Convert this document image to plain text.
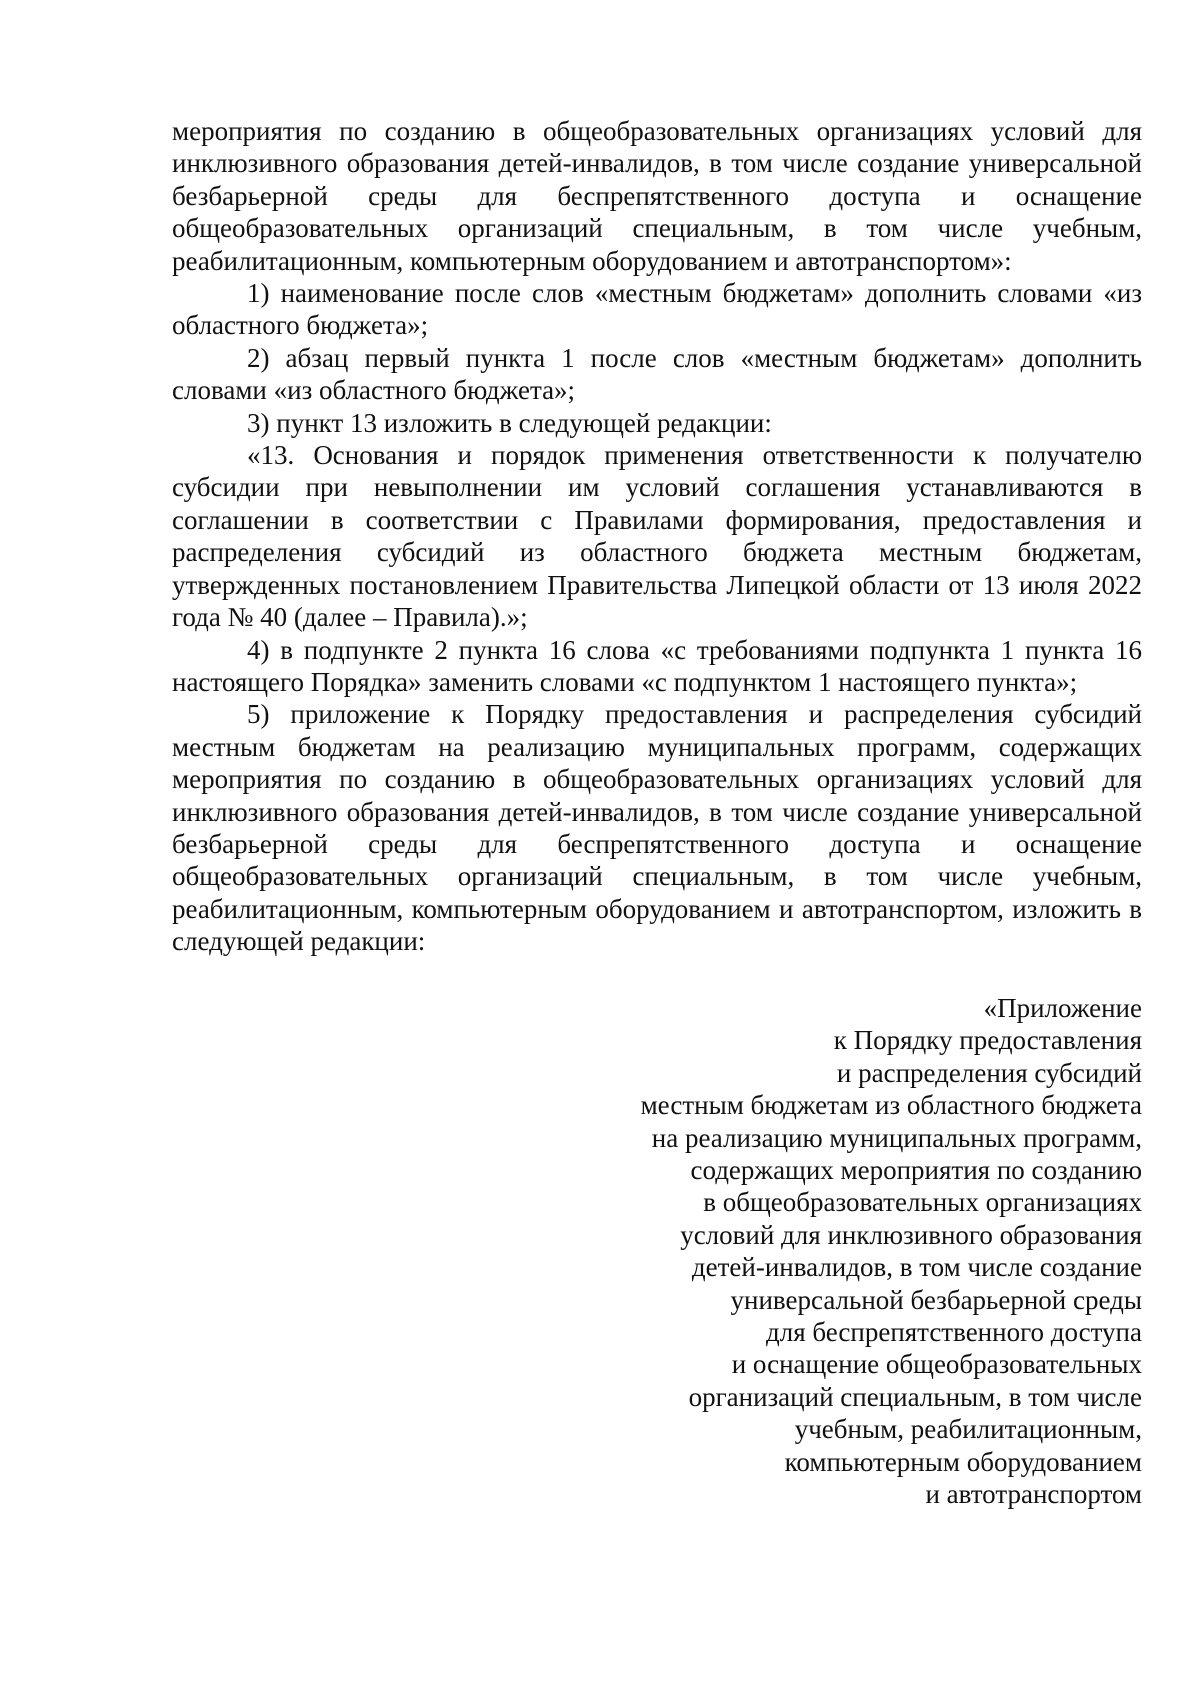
мероприятия по созданию в общеобразовательных организациях условий для инклюзивного образования детей-инвалидов, в том числе создание универсальной безбарьерной среды для беспрепятственного доступа и оснащение общеобразовательных организаций специальным, в том числе учебным, реабилитационным, компьютерным оборудованием и автотранспортом»:

1) наименование после слов «местным бюджетам» дополнить словами «из областного бюджета»;

2) абзац первый пункта 1 после слов «местным бюджетам» дополнить словами «из областного бюджета»;

3) пункт 13 изложить в следующей редакции:

«13. Основания и порядок применения ответственности к получателю субсидии при невыполнении им условий соглашения устанавливаются в соглашении в соответствии с Правилами формирования, предоставления и распределения субсидий из областного бюджета местным бюджетам, утвержденных постановлением Правительства Липецкой области от 13 июля 2022 года № 40 (далее – Правила).»;

4) в подпункте 2 пункта 16 слова «с требованиями подпункта 1 пункта 16 настоящего Порядка» заменить словами «с подпунктом 1 настоящего пункта»;

5) приложение к Порядку предоставления и распределения субсидий местным бюджетам на реализацию муниципальных программ, содержащих мероприятия по созданию в общеобразовательных организациях условий для инклюзивного образования детей-инвалидов, в том числе создание универсальной безбарьерной среды для беспрепятственного доступа и оснащение общеобразовательных организаций специальным, в том числе учебным, реабилитационным, компьютерным оборудованием и автотранспортом, изложить в следующей редакции:

«Приложение
к Порядку предоставления
и распределения субсидий
местным бюджетам из областного бюджета
на реализацию муниципальных программ,
содержащих мероприятия по созданию
в общеобразовательных организациях
условий для инклюзивного образования
детей-инвалидов, в том числе создание
универсальной безбарьерной среды
для беспрепятственного доступа
и оснащение общеобразовательных
организаций специальным, в том числе
учебным, реабилитационным,
компьютерным оборудованием
и автотранспортом
